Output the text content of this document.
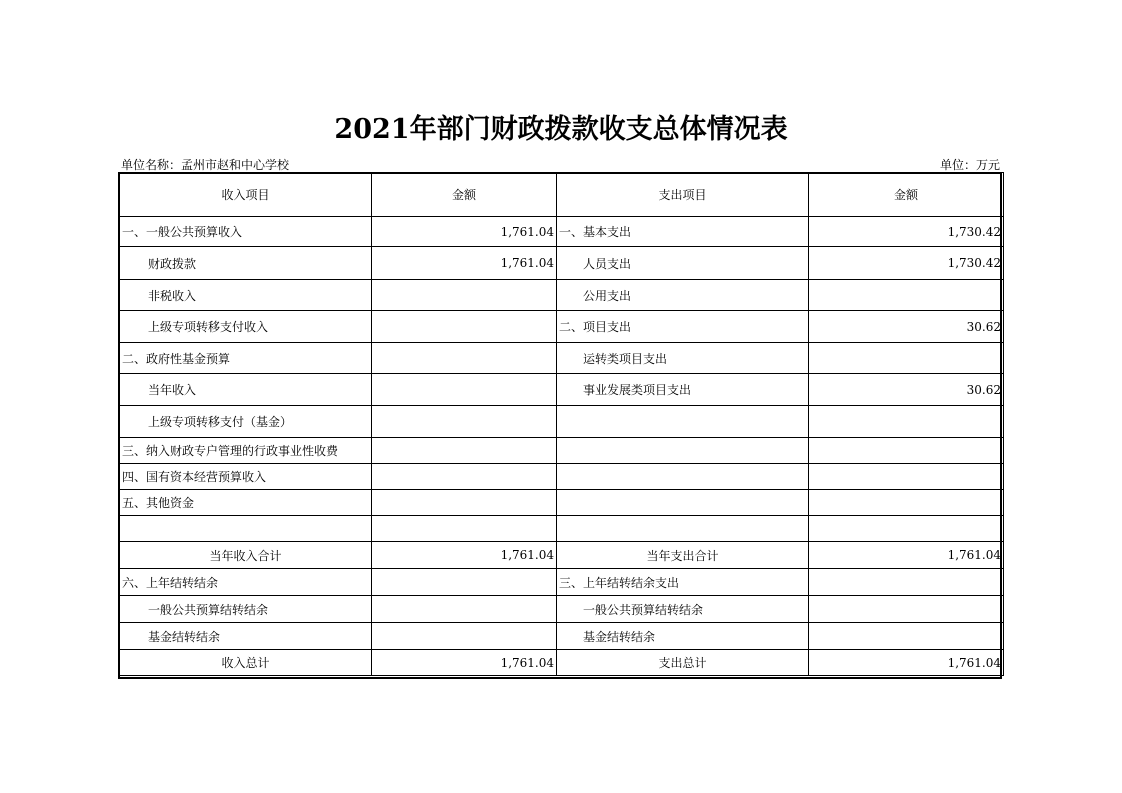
2021年部门财政拨款收支总体情况表
单位名称：孟州市赵和中心学校	单位：万元
收入项目	金额	支出项目	金额
一、一般公共预算收入	1,761.04	一、基本支出	1,730.42
财政拨款	1,761.04	人员支出	1,730.42
非税收入		公用支出	
上级专项转移支付收入		二、项目支出	30.62
二、政府性基金预算		运转类项目支出	
当年收入		事业发展类项目支出	30.62
上级专项转移支付（基金）			
三、纳入财政专户管理的行政事业性收费			
四、国有资本经营预算收入			
五、其他资金			

当年收入合计	1,761.04	当年支出合计	1,761.04
六、上年结转结余		三、上年结转结余支出	
一般公共预算结转结余		一般公共预算结转结余	
基金结转结余		基金结转结余	
收入总计	1,761.04	支出总计	1,761.04
